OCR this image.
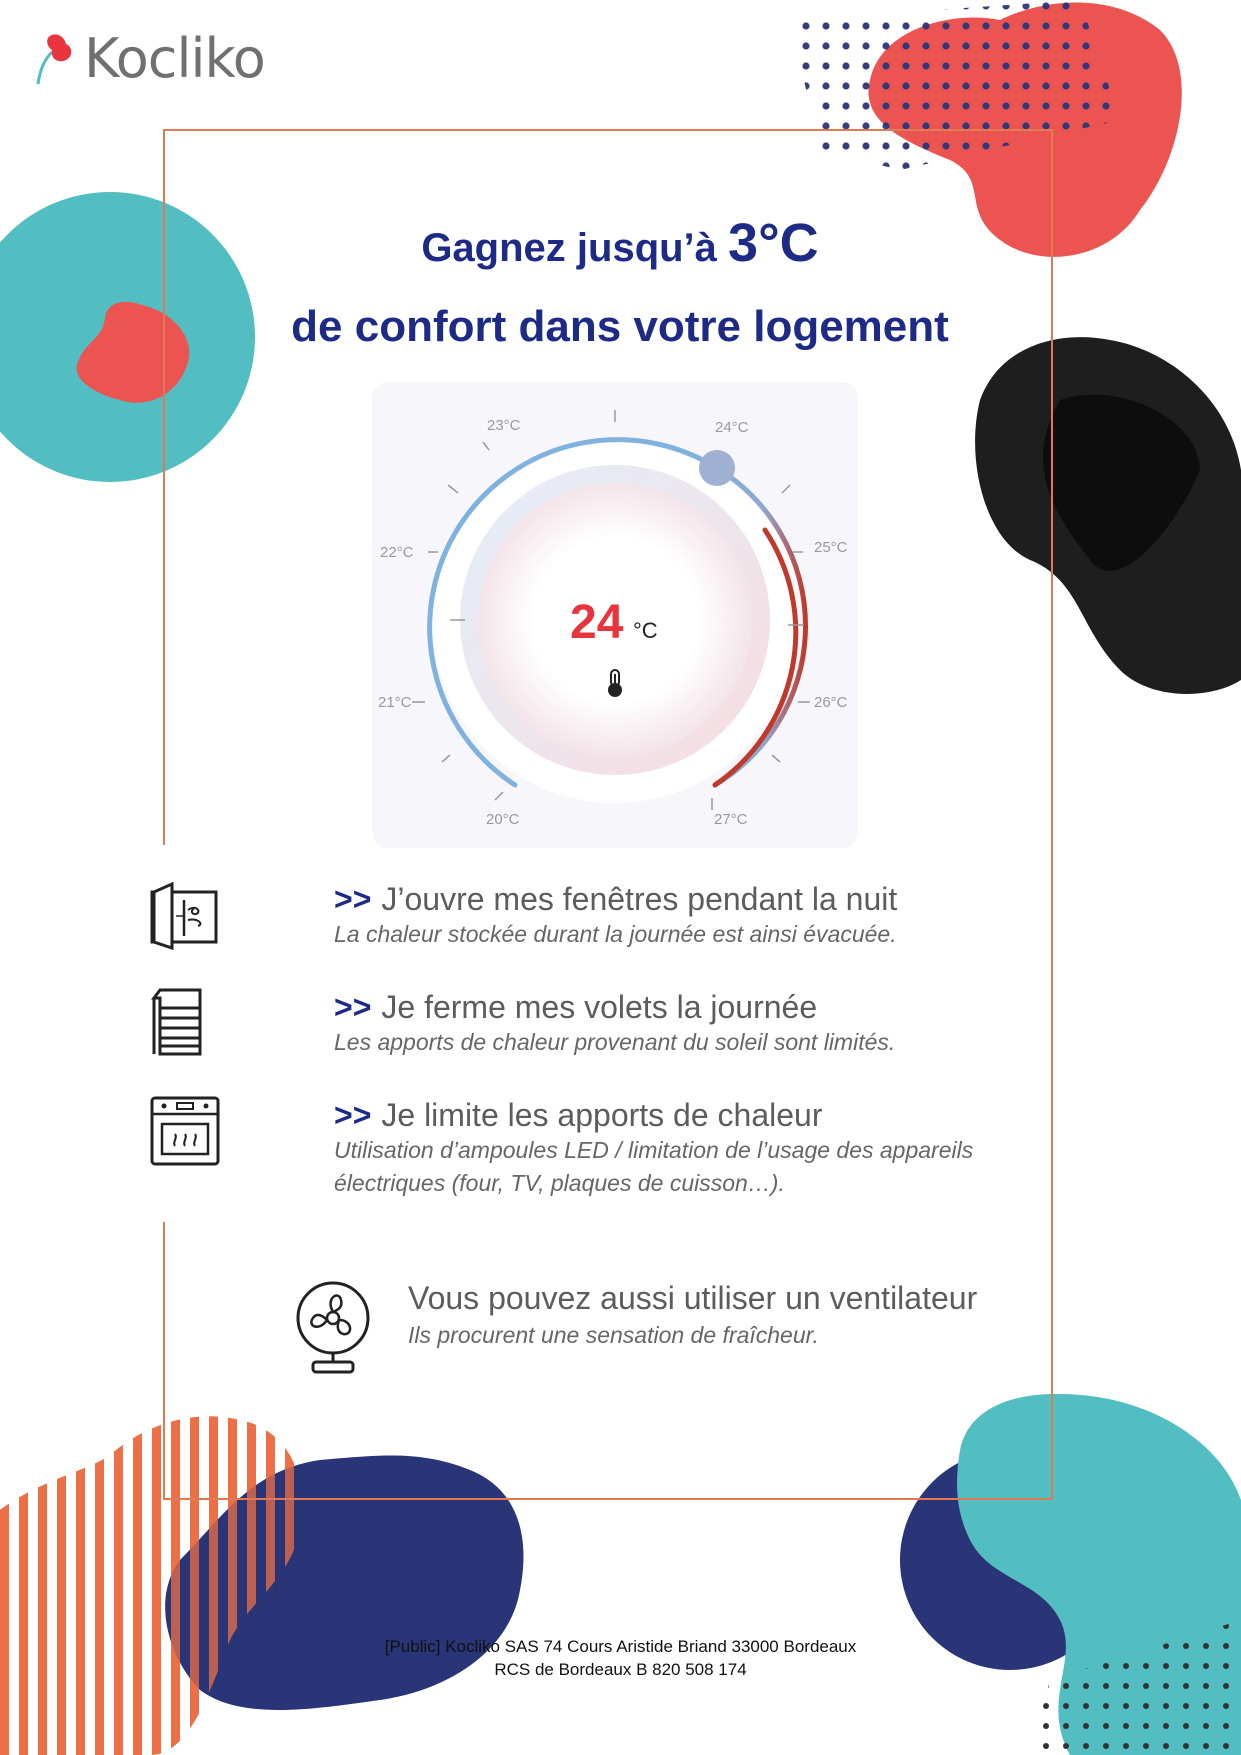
Kocliko
Gagnez jusqu’à 3°C
de confort dans votre logement
23°C	24°C
22°C	25°C
21°C	26°C
20°C	27°C
24 °C
>> J’ouvre mes fenêtres pendant la nuit
La chaleur stockée durant la journée est ainsi évacuée.
>> Je ferme mes volets la journée
Les apports de chaleur provenant du soleil sont limités.
>> Je limite les apports de chaleur
Utilisation d’ampoules LED / limitation de l’usage des appareils électriques (four, TV, plaques de cuisson…).
Vous pouvez aussi utiliser un ventilateur
Ils procurent une sensation de fraîcheur.
[Public] Kocliko SAS 74 Cours Aristide Briand 33000 Bordeaux
RCS de Bordeaux B 820 508 174
